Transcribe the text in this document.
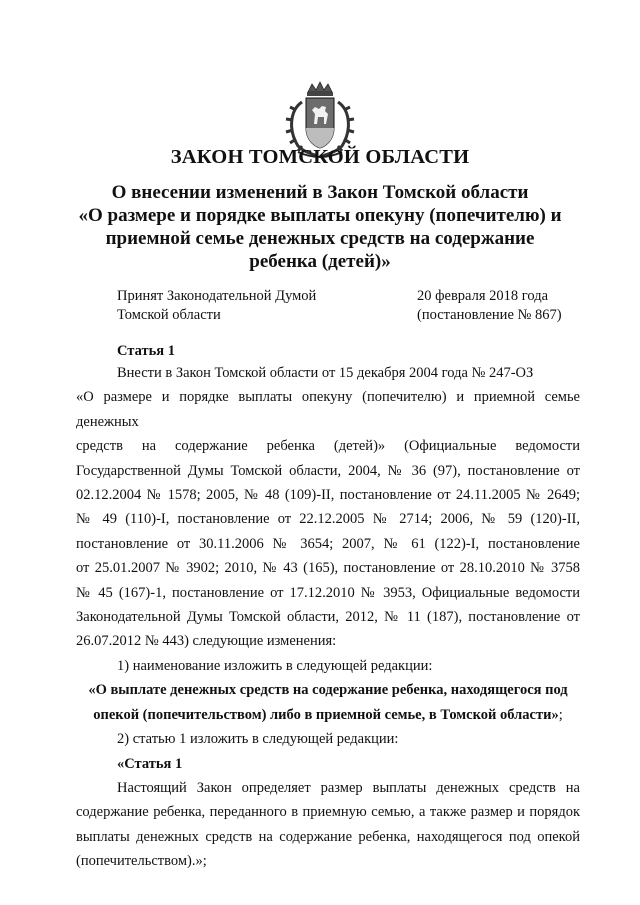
ЗАКОН ТОМСКОЙ ОБЛАСТИ
О внесении изменений в Закон Томской области
«О размере и порядке выплаты опекуну (попечителю) и
приемной семье денежных средств на содержание
ребенка (детей)»
Принят Законодательной Думой
Томской области
20 февраля 2018 года
(постановление № 867)
Статья 1

Внести в Закон Томской области от 15 декабря 2004 года № 247-ОЗ

«О размере и порядке выплаты опекуну (попечителю) и приемной семье денежных

средств на содержание ребенка (детей)» (Официальные ведомости

Государственной Думы Томской области, 2004, № 36 (97), постановление от

02.12.2004 № 1578; 2005, № 48 (109)-II, постановление от 24.11.2005 № 2649;

№ 49 (110)-I, постановление от 22.12.2005 № 2714; 2006, № 59 (120)-II,

постановление от 30.11.2006 № 3654; 2007, № 61 (122)-I, постановление

от 25.01.2007 № 3902; 2010, № 43 (165), постановление от 28.10.2010 № 3758

№ 45 (167)-1, постановление от 17.12.2010 № 3953, Официальные ведомости

Законодательной Думы Томской области, 2012, № 11 (187), постановление от

26.07.2012 № 443) следующие изменения:

1) наименование изложить в следующей редакции:

«О выплате денежных средств на содержание ребенка, находящегося под

опекой (попечительством) либо в приемной семье, в Томской области»;

2) статью 1 изложить в следующей редакции:

«Статья 1

Настоящий Закон определяет размер выплаты денежных средств на

содержание ребенка, переданного в приемную семью, а также размер и порядок

выплаты денежных средств на содержание ребенка, находящегося под опекой

(попечительством).»;
